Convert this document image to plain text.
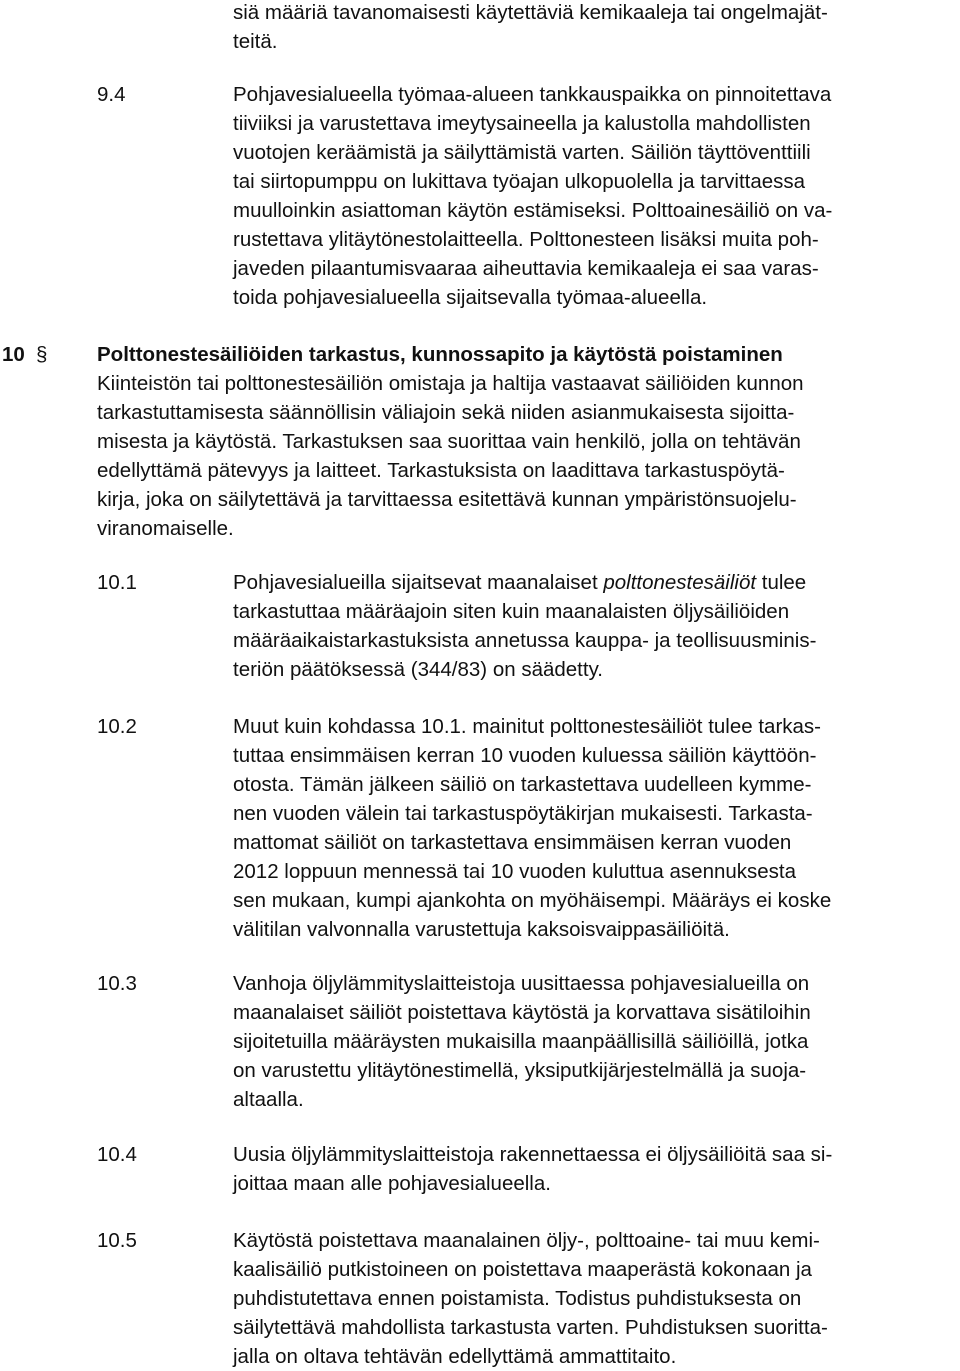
siä määriä tavanomaisesti käytettäviä kemikaaleja tai ongelmajät-
teitä.
9.4	Pohjavesialueella työmaa-alueen tankkauspaikka on pinnoitettava
tiiviiksi ja varustettava imeytysaineella ja kalustolla mahdollisten
vuotojen keräämistä ja säilyttämistä varten. Säiliön täyttöventtiili
tai siirtopumppu on lukittava työajan ulkopuolella ja tarvittaessa
muulloinkin asiattoman käytön estämiseksi. Polttoainesäiliö on va-
rustettava ylitäytönestolaitteella. Polttonesteen lisäksi muita poh-
javeden pilaantumisvaaraa aiheuttavia kemikaaleja ei saa varas-
toida pohjavesialueella sijaitsevalla työmaa-alueella.
10 § Polttonestesäiliöiden tarkastus, kunnossapito ja käytöstä poistaminen
Kiinteistön tai polttonestesäiliön omistaja ja haltija vastaavat säiliöiden kunnon
tarkastuttamisesta säännöllisin väliajoin sekä niiden asianmukaisesta sijoitta-
misesta ja käytöstä. Tarkastuksen saa suorittaa vain henkilö, jolla on tehtävän
edellyttämä pätevyys ja laitteet. Tarkastuksista on laadittava tarkastuspöytä-
kirja, joka on säilytettävä ja tarvittaessa esitettävä kunnan ympäristönsuojelu-
viranomaiselle.
10.1	Pohjavesialueilla sijaitsevat maanalaiset polttonestesäiliöt tulee
tarkastuttaa määräajoin siten kuin maanalaisten öljysäiliöiden
määräaikaistarkastuksista annetussa kauppa- ja teollisuusminis-
teriön päätöksessä (344/83) on säädetty.
10.2	Muut kuin kohdassa 10.1. mainitut polttonestesäiliöt tulee tarkas-
tuttaa ensimmäisen kerran 10 vuoden kuluessa säiliön käyttöön-
otosta. Tämän jälkeen säiliö on tarkastettava uudelleen kymme-
nen vuoden välein tai tarkastuspöytäkirjan mukaisesti. Tarkasta-
mattomat säiliöt on tarkastettava ensimmäisen kerran vuoden
2012 loppuun mennessä tai 10 vuoden kuluttua asennuksesta
sen mukaan, kumpi ajankohta on myöhäisempi. Määräys ei koske
välitilan valvonnalla varustettuja kaksoisvaippasäiliöitä.
10.3	Vanhoja öljylämmityslaitteistoja uusittaessa pohjavesialueilla on
maanalaiset säiliöt poistettava käytöstä ja korvattava sisätiloihin
sijoitetuilla määräysten mukaisilla maanpäällisillä säiliöillä, jotka
on varustettu ylitäytönestimellä, yksiputkijärjestelmällä ja suoja-
altaalla.
10.4	Uusia öljylämmityslaitteistoja rakennettaessa ei öljysäiliöitä saa si-
joittaa maan alle pohjavesialueella.
10.5	Käytöstä poistettava maanalainen öljy-, polttoaine- tai muu kemi-
kaalisäiliö putkistoineen on poistettava maaperästä kokonaan ja
puhdistutettava ennen poistamista. Todistus puhdistuksesta on
säilytettävä mahdollista tarkastusta varten. Puhdistuksen suoritta-
jalla on oltava tehtävän edellyttämä ammattitaito.
